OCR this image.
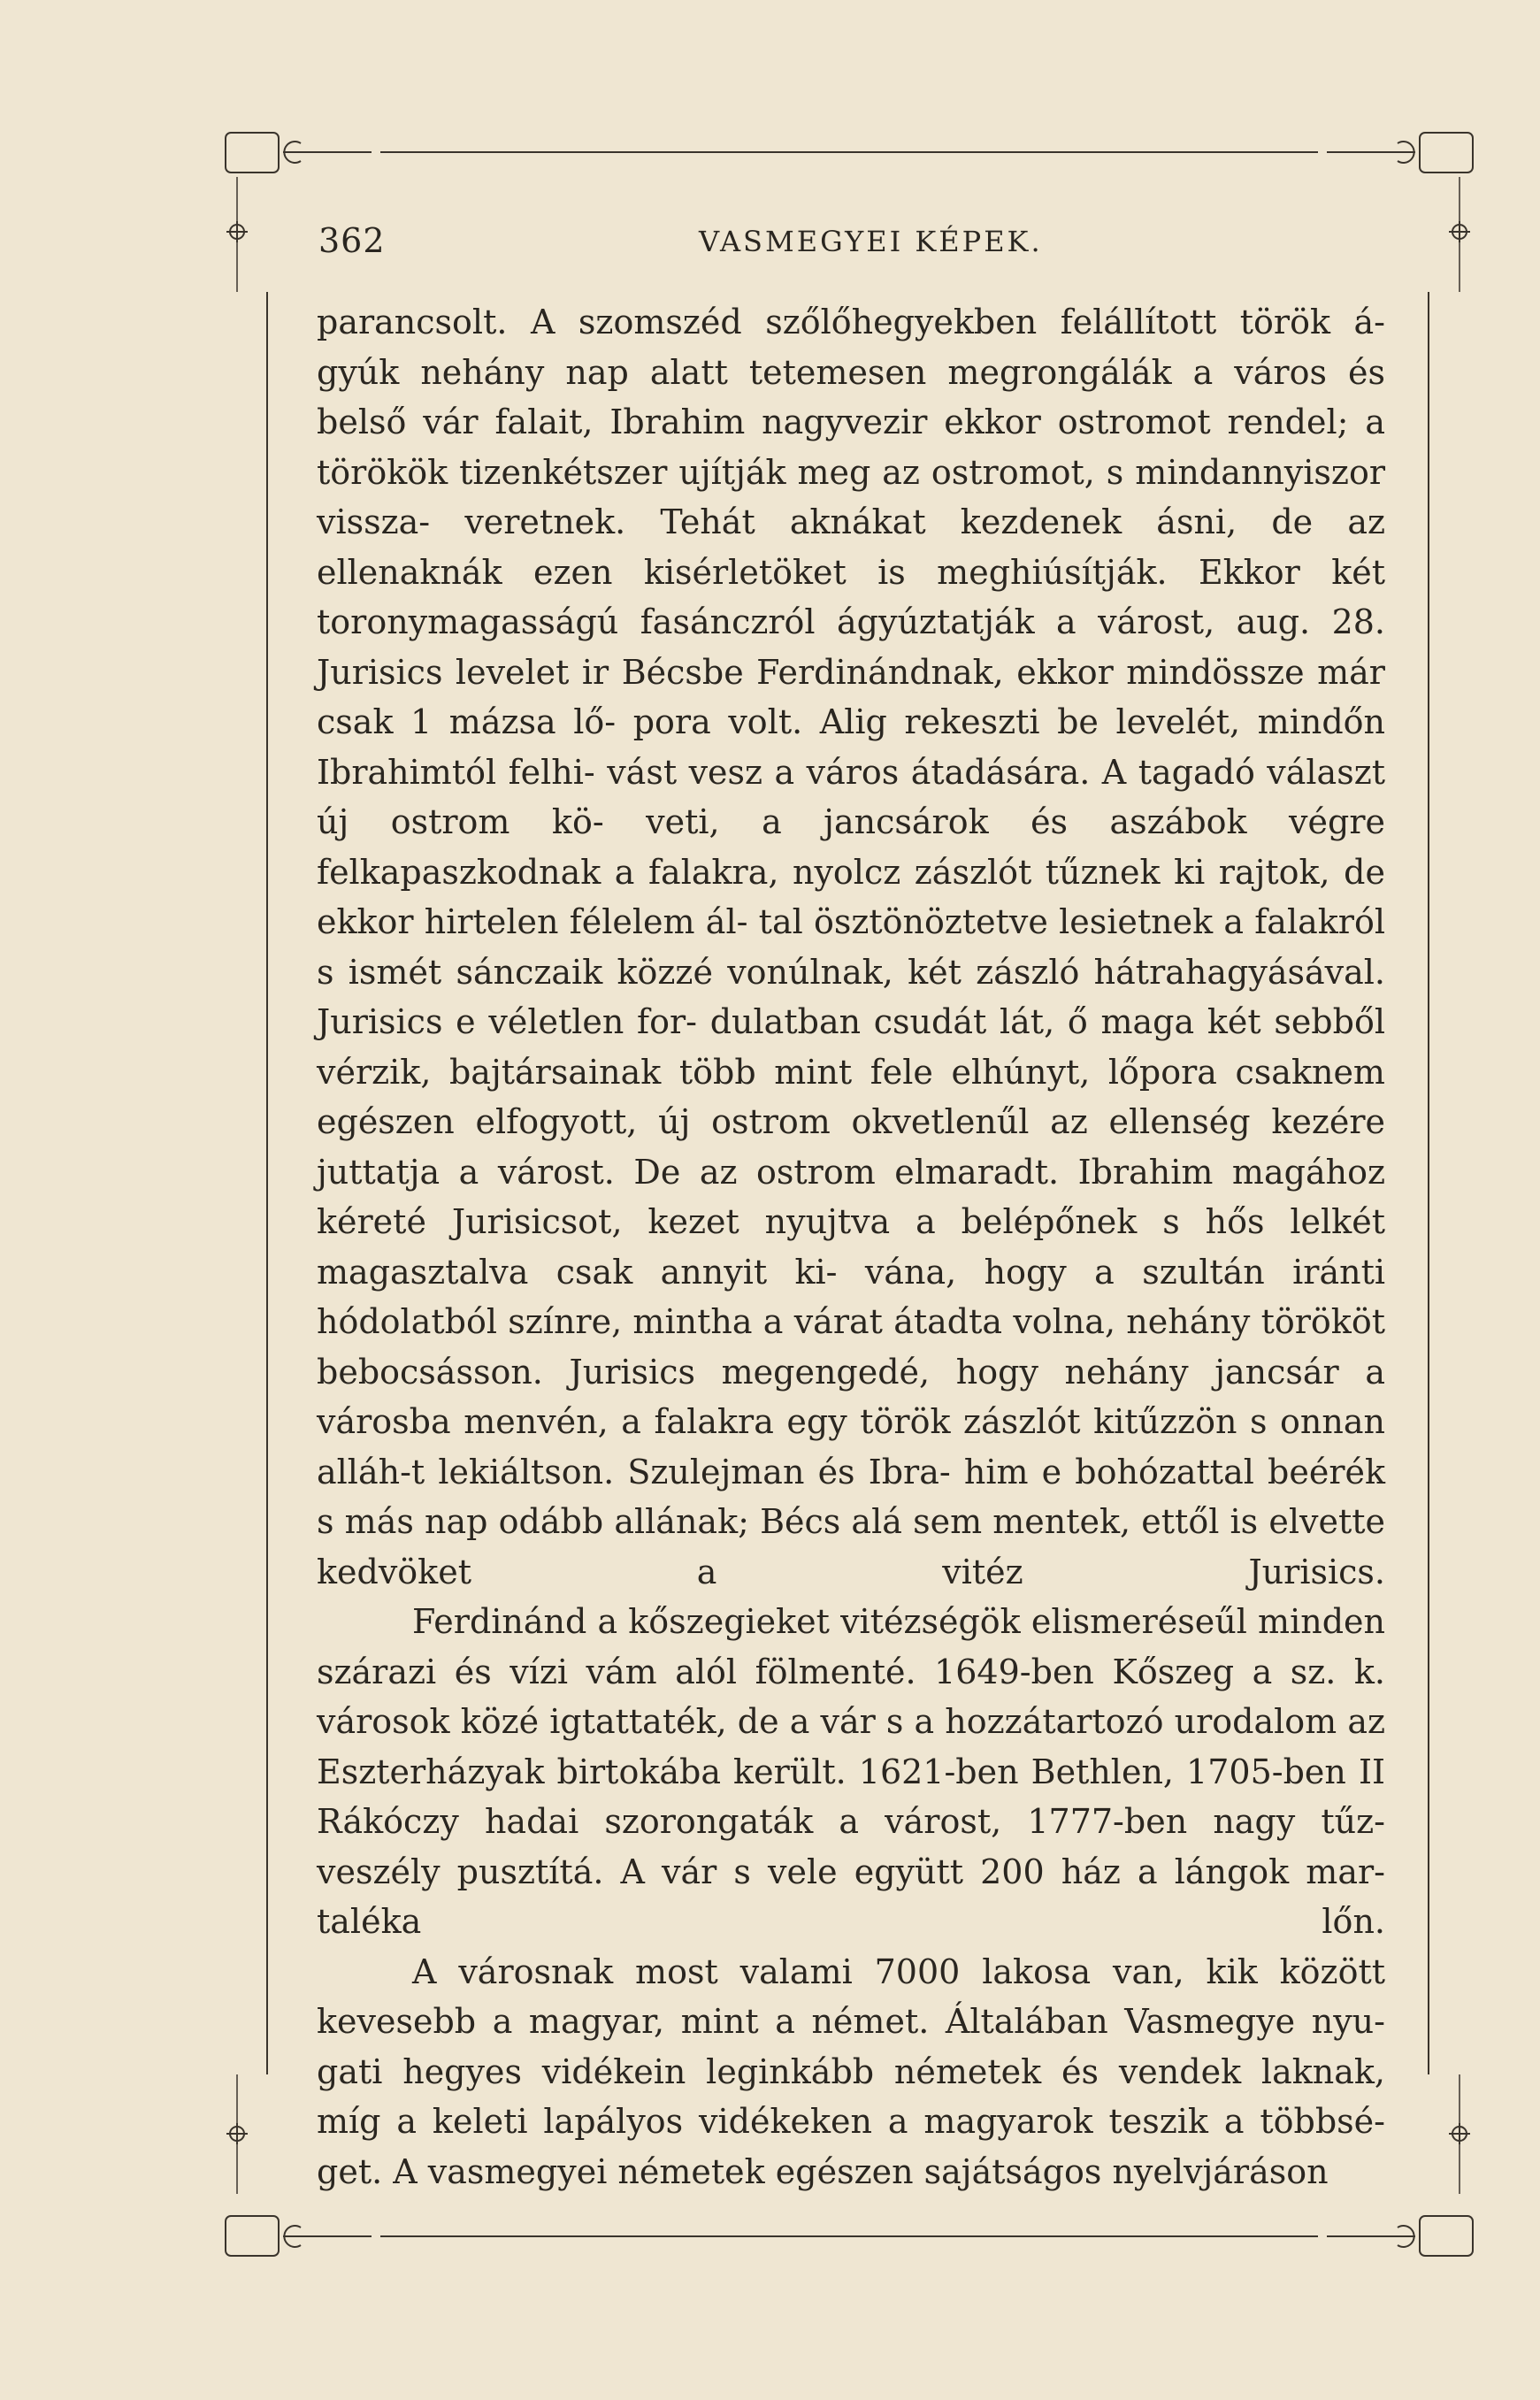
362	VASMEGYEI KÉPEK.

parancsolt. A szomszéd szőlőhegyekben felállított török á- gyúk nehány nap alatt tetemesen megrongálák a város és belső vár falait, Ibrahim nagyvezir ekkor ostromot rendel; a törökök tizenkétszer ujítják meg az ostromot, s mindannyiszor vissza- veretnek. Tehát aknákat kezdenek ásni, de az ellenaknák ezen kisérletöket is meghiúsítják. Ekkor két toronymagasságú fasánczról ágyúztatják a várost, aug. 28. Jurisics levelet ir Bécsbe Ferdinándnak, ekkor mindössze már csak 1 mázsa lő- pora volt. Alig rekeszti be levelét, mindőn Ibrahimtól felhi- vást vesz a város átadására. A tagadó választ új ostrom kö- veti, a jancsárok és aszábok végre felkapaszkodnak a falakra, nyolcz zászlót tűznek ki rajtok, de ekkor hirtelen félelem ál- tal ösztönöztetve lesietnek a falakról s ismét sánczaik közzé vonúlnak, két zászló hátrahagyásával. Jurisics e véletlen for- dulatban csudát lát, ő maga két sebből vérzik, bajtársainak több mint fele elhúnyt, lőpora csaknem egészen elfogyott, új ostrom okvetlenűl az ellenség kezére juttatja a várost. De az ostrom elmaradt. Ibrahim magához kéreté Jurisicsot, kezet nyujtva a belépőnek s hős lelkét magasztalva csak annyit ki- vána, hogy a szultán iránti hódolatból színre, mintha a várat átadta volna, nehány törököt bebocsásson. Jurisics megengedé, hogy nehány jancsár a városba menvén, a falakra egy török zászlót kitűzzön s onnan alláh-t lekiáltson. Szulejman és Ibra- him e bohózattal beérék s más nap odább allának; Bécs alá sem mentek, ettől is elvette kedvöket a vitéz Jurisics.

Ferdinánd a kőszegieket vitézségök elismeréseűl minden szárazi és vízi vám alól fölmenté. 1649-ben Kőszeg a sz. k. városok közé igtattaték, de a vár s a hozzátartozó urodalom az Eszterházyak birtokába került. 1621-ben Bethlen, 1705-ben II Rákóczy hadai szorongaták a várost, 1777-ben nagy tűz- veszély pusztítá. A vár s vele együtt 200 ház a lángok mar- taléka lőn.

A városnak most valami 7000 lakosa van, kik között kevesebb a magyar, mint a német. Általában Vasmegye nyu- gati hegyes vidékein leginkább németek és vendek laknak, míg a keleti lapályos vidékeken a magyarok teszik a többsé- get. A vasmegyei németek egészen sajátságos nyelvjáráson
